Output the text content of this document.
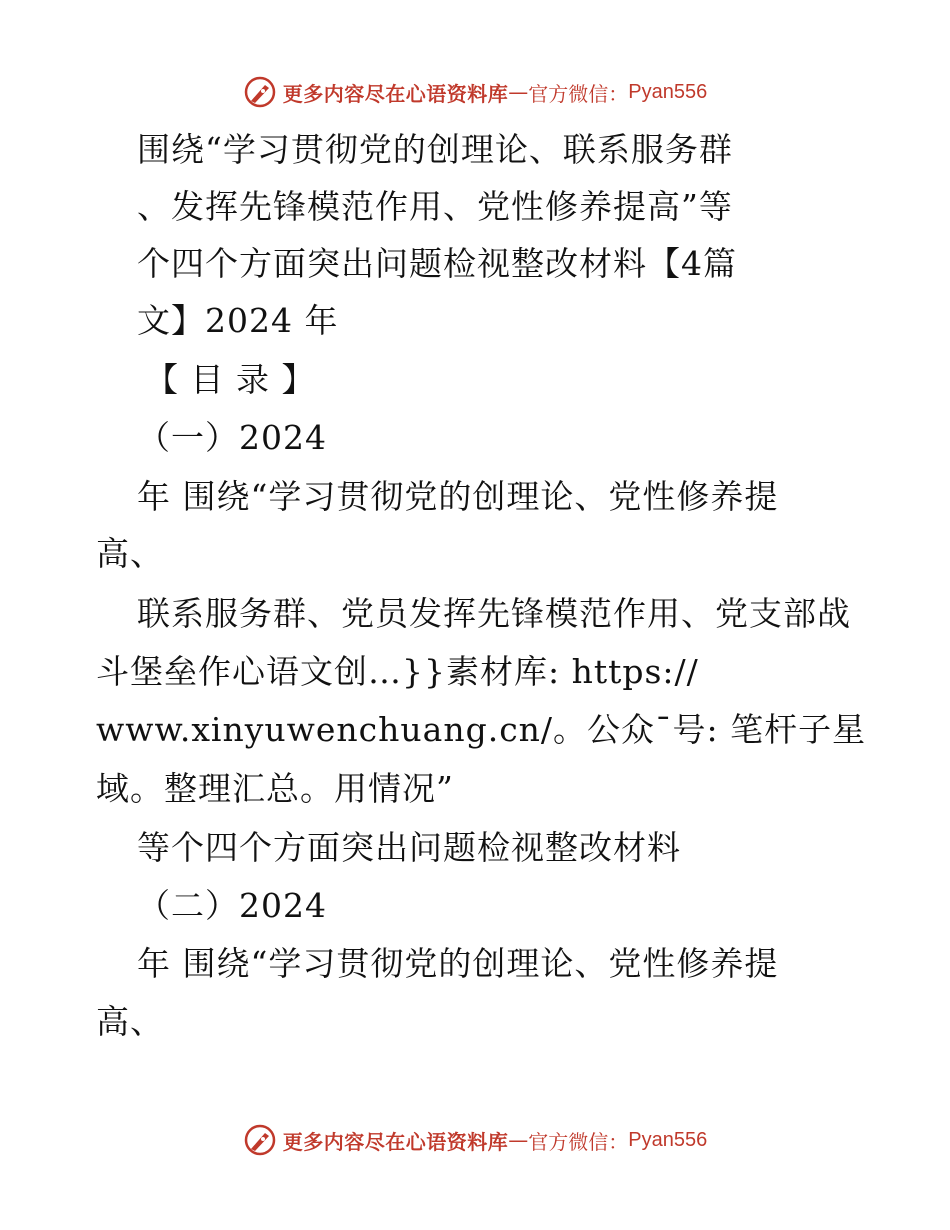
更多内容尽在心语资料库 — 官方微信： Pyan556
围绕“学习贯彻党的创理论、联系服务群
、发挥先锋模范作用、党性修养提高”等
个四个方面突出问题检视整改材料【4篇
文】2024 年
【 目 录 】
（一）2024
年 围绕“学习贯彻党的创理论、党性修养提
高、
联系服务群、党员发挥先锋模范作用、党支部战
斗堡垒作心语文创…}}素材库: https://
www.xinyuwenchuang.cn/。公众¯号: 笔杆子星
域。整理汇总。用情况”
等个四个方面突出问题检视整改材料
（二）2024
年 围绕“学习贯彻党的创理论、党性修养提
高、
更多内容尽在心语资料库 — 官方微信： Pyan556
